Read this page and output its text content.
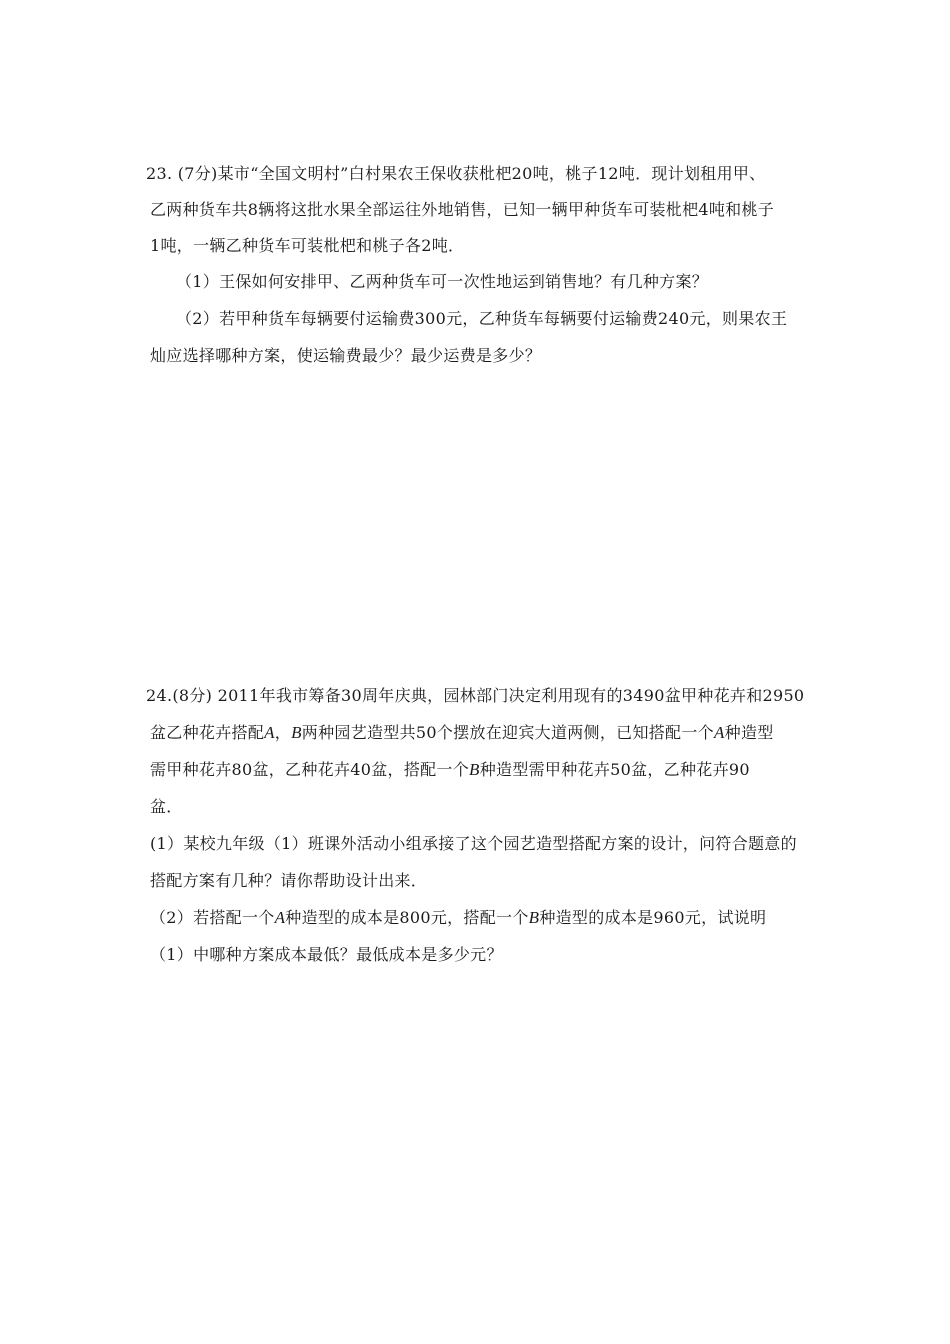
23. (7分)某市“全国文明村”白村果农王保收获枇杷20吨，桃子12吨．现计划租用甲、
乙两种货车共8辆将这批水果全部运往外地销售，已知一辆甲种货车可装枇杷4吨和桃子
1吨，一辆乙种货车可装枇杷和桃子各2吨．
（1）王保如何安排甲、乙两种货车可一次性地运到销售地？有几种方案？
（2）若甲种货车每辆要付运输费300元，乙种货车每辆要付运输费240元，则果农王
灿应选择哪种方案，使运输费最少？最少运费是多少？
24.(8分) 2011年我市筹备30周年庆典，园林部门决定利用现有的3490盆甲种花卉和2950
盆乙种花卉搭配A，B两种园艺造型共50个摆放在迎宾大道两侧，已知搭配一个A种造型
需甲种花卉80盆，乙种花卉40盆，搭配一个B种造型需甲种花卉50盆，乙种花卉90
盆．
(1）某校九年级（1）班课外活动小组承接了这个园艺造型搭配方案的设计，问符合题意的
搭配方案有几种？请你帮助设计出来．
（2）若搭配一个A种造型的成本是800元，搭配一个B种造型的成本是960元，试说明
（1）中哪种方案成本最低？最低成本是多少元？
